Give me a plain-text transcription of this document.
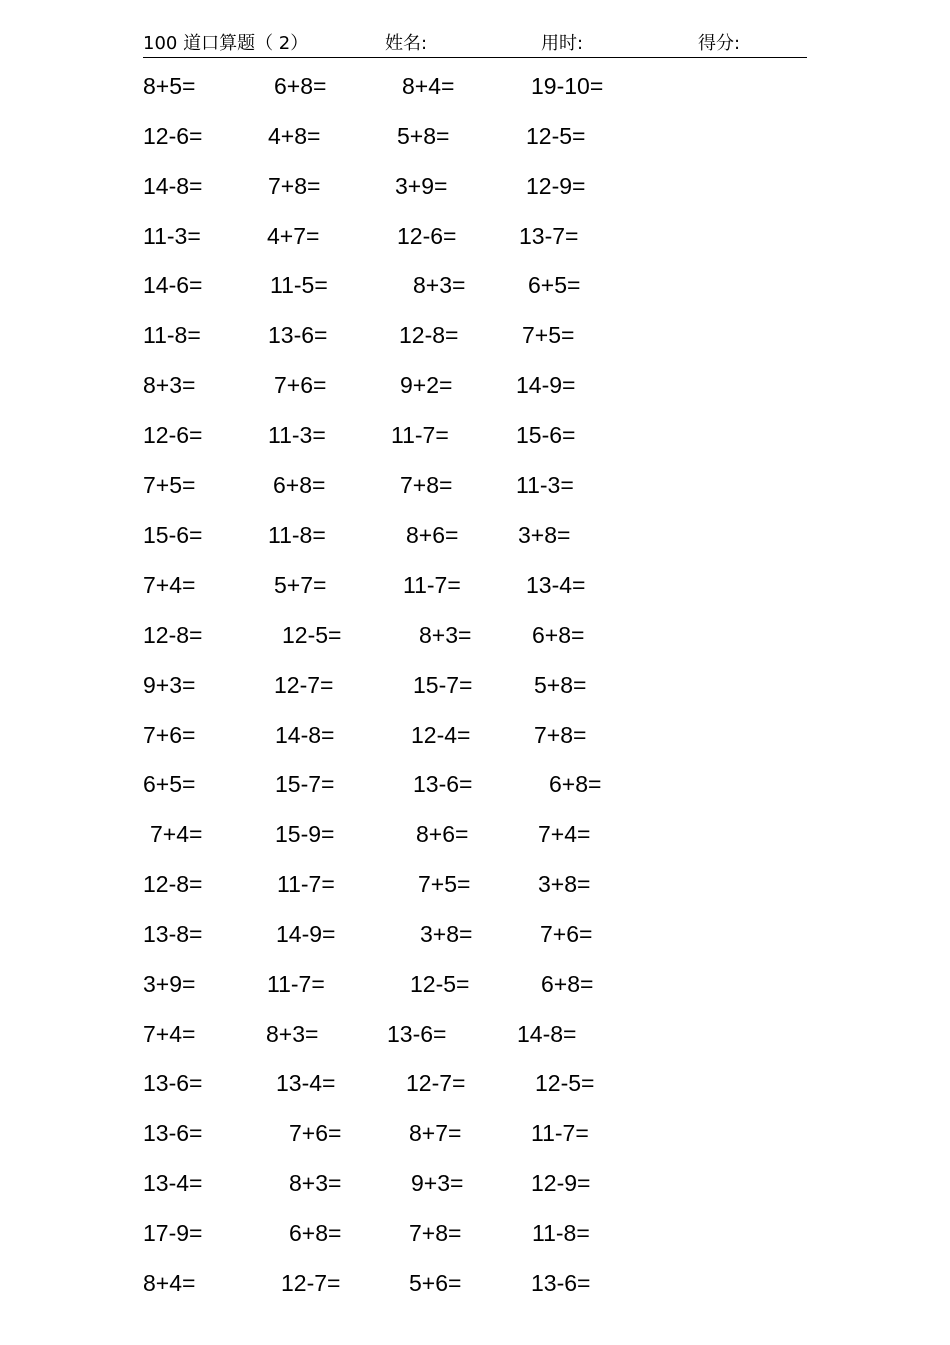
100 道口算题（ 2）	姓名:	用时:	得分:
8+5=	6+8=	8+4=	19-10=
12-6=	4+8=	5+8=	12-5=
14-8=	7+8=	3+9=	12-9=
11-3=	4+7=	12-6=	13-7=
14-6=	11-5=	8+3=	6+5=
11-8=	13-6=	12-8=	7+5=
8+3=	7+6=	9+2=	14-9=
12-6=	11-3=	11-7=	15-6=
7+5=	6+8=	7+8=	11-3=
15-6=	11-8=	8+6=	3+8=
7+4=	5+7=	11-7=	13-4=
12-8=	12-5=	8+3=	6+8=
9+3=	12-7=	15-7=	5+8=
7+6=	14-8=	12-4=	7+8=
6+5=	15-7=	13-6=	6+8=
7+4=	15-9=	8+6=	7+4=
12-8=	11-7=	7+5=	3+8=
13-8=	14-9=	3+8=	7+6=
3+9=	11-7=	12-5=	6+8=
7+4=	8+3=	13-6=	14-8=
13-6=	13-4=	12-7=	12-5=
13-6=	7+6=	8+7=	11-7=
13-4=	8+3=	9+3=	12-9=
17-9=	6+8=	7+8=	11-8=
8+4=	12-7=	5+6=	13-6=
